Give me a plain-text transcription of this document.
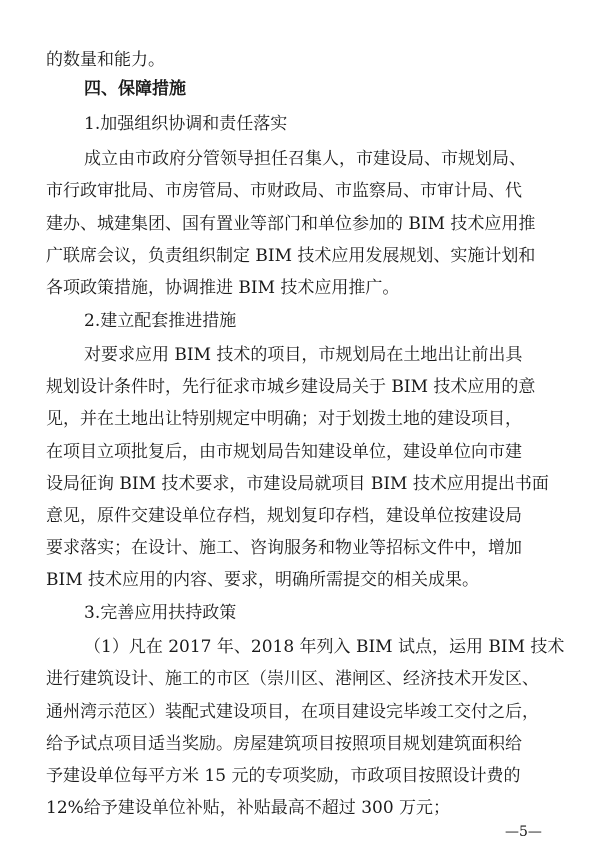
的数量和能力。
四、保障措施
1.加强组织协调和责任落实
成立由市政府分管领导担任召集人，市建设局、市规划局、
市行政审批局、市房管局、市财政局、市监察局、市审计局、代
建办、城建集团、国有置业等部门和单位参加的 BIM 技术应用推
广联席会议，负责组织制定 BIM 技术应用发展规划、实施计划和
各项政策措施，协调推进 BIM 技术应用推广。
2.建立配套推进措施
对要求应用 BIM 技术的项目，市规划局在土地出让前出具
规划设计条件时，先行征求市城乡建设局关于 BIM 技术应用的意
见，并在土地出让特别规定中明确；对于划拨土地的建设项目，
在项目立项批复后，由市规划局告知建设单位，建设单位向市建
设局征询 BIM 技术要求，市建设局就项目 BIM 技术应用提出书面
意见，原件交建设单位存档，规划复印存档，建设单位按建设局
要求落实；在设计、施工、咨询服务和物业等招标文件中，增加
BIM 技术应用的内容、要求，明确所需提交的相关成果。
3.完善应用扶持政策
（1）凡在 2017 年、2018 年列入 BIM 试点，运用 BIM 技术
进行建筑设计、施工的市区（崇川区、港闸区、经济技术开发区、
通州湾示范区）装配式建设项目，在项目建设完毕竣工交付之后，
给予试点项目适当奖励。房屋建筑项目按照项目规划建筑面积给
予建设单位每平方米 15 元的专项奖励，市政项目按照设计费的
12%给予建设单位补贴，补贴最高不超过 300 万元；
—5—
